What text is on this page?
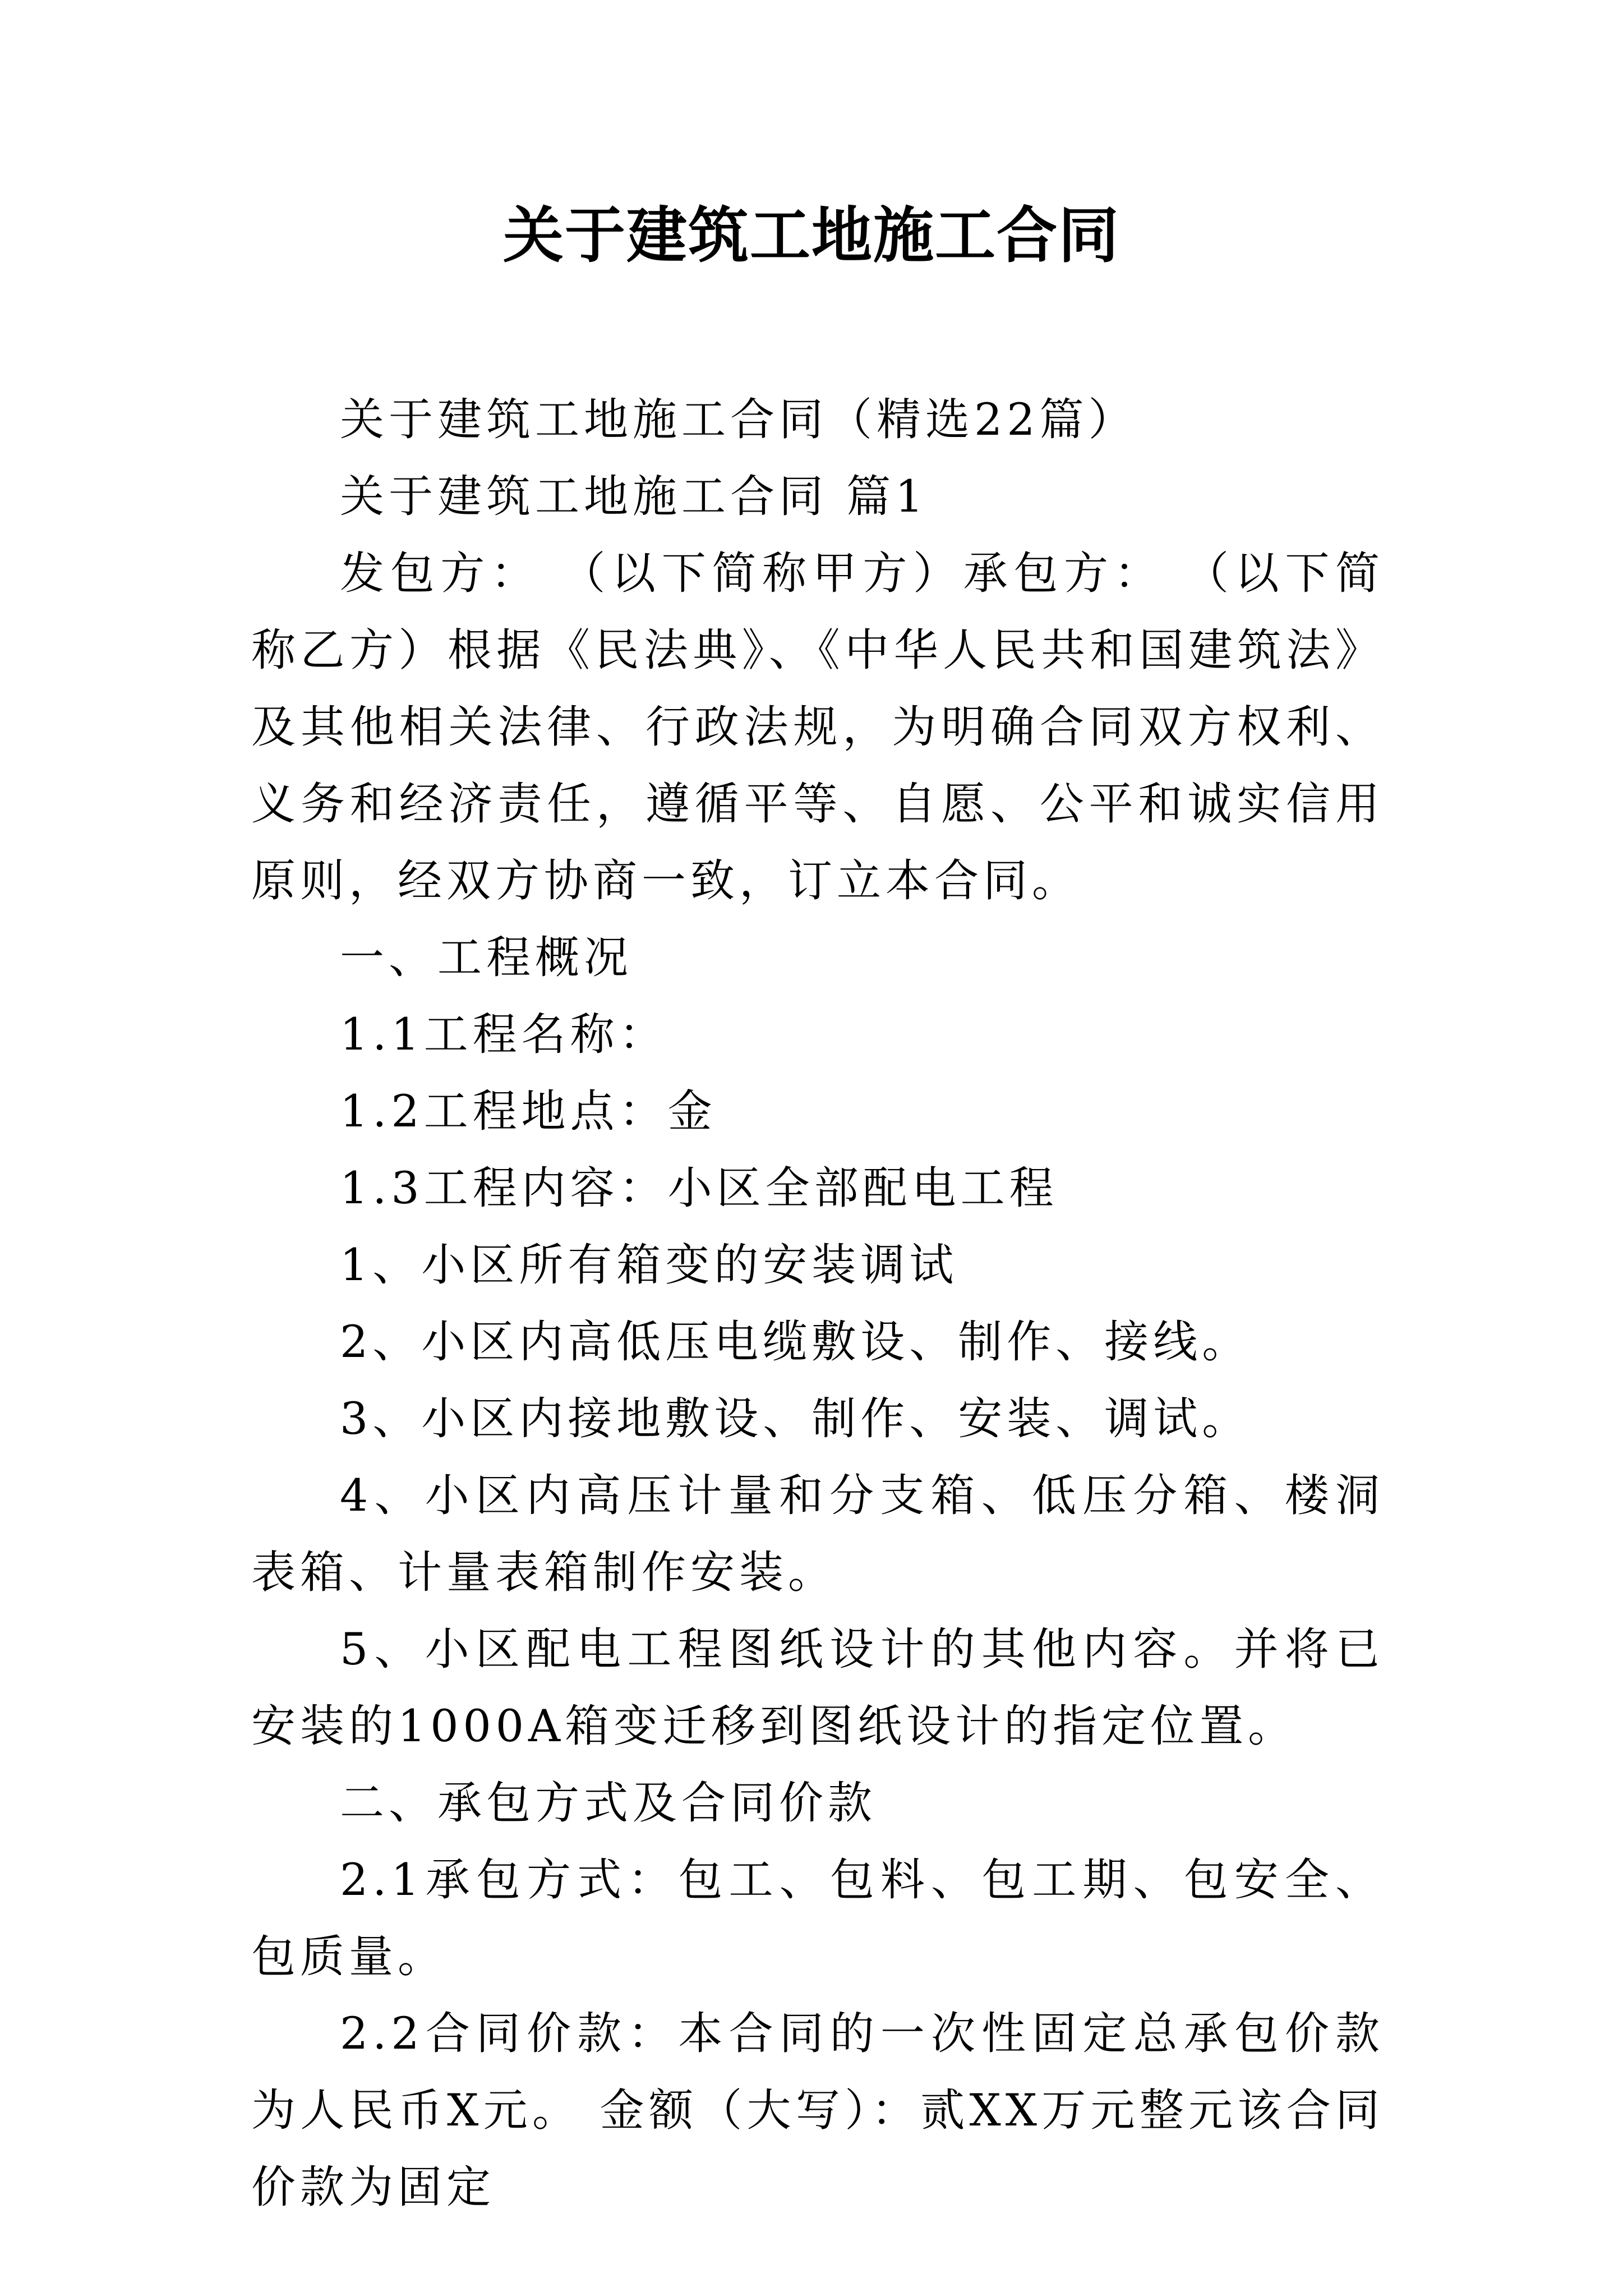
关于建筑工地施工合同

关于建筑工地施工合同（精选22篇）

关于建筑工地施工合同 篇1

发包方： （以下简称甲方）承包方： （以下简称乙方）根据《民法典》、《中华人民共和国建筑法》及其他相关法律、行政法规，为明确合同双方权利、义务和经济责任，遵循平等、自愿、公平和诚实信用原则，经双方协商一致，订立本合同。

一、工程概况

1.1工程名称：

1.2工程地点：金

1.3工程内容：小区全部配电工程

1、小区所有箱变的安装调试

2、小区内高低压电缆敷设、制作、接线。

3、小区内接地敷设、制作、安装、调试。

4、小区内高压计量和分支箱、低压分箱、楼洞表箱、计量表箱制作安装。

5、小区配电工程图纸设计的其他内容。并将已安装的1000A箱变迁移到图纸设计的指定位置。

二、承包方式及合同价款

2.1承包方式：包工、包料、包工期、包安全、包质量。

2.2合同价款：本合同的一次性固定总承包价款为人民币X元。 金额（大写）：贰XX万元整元该合同价款为固定
